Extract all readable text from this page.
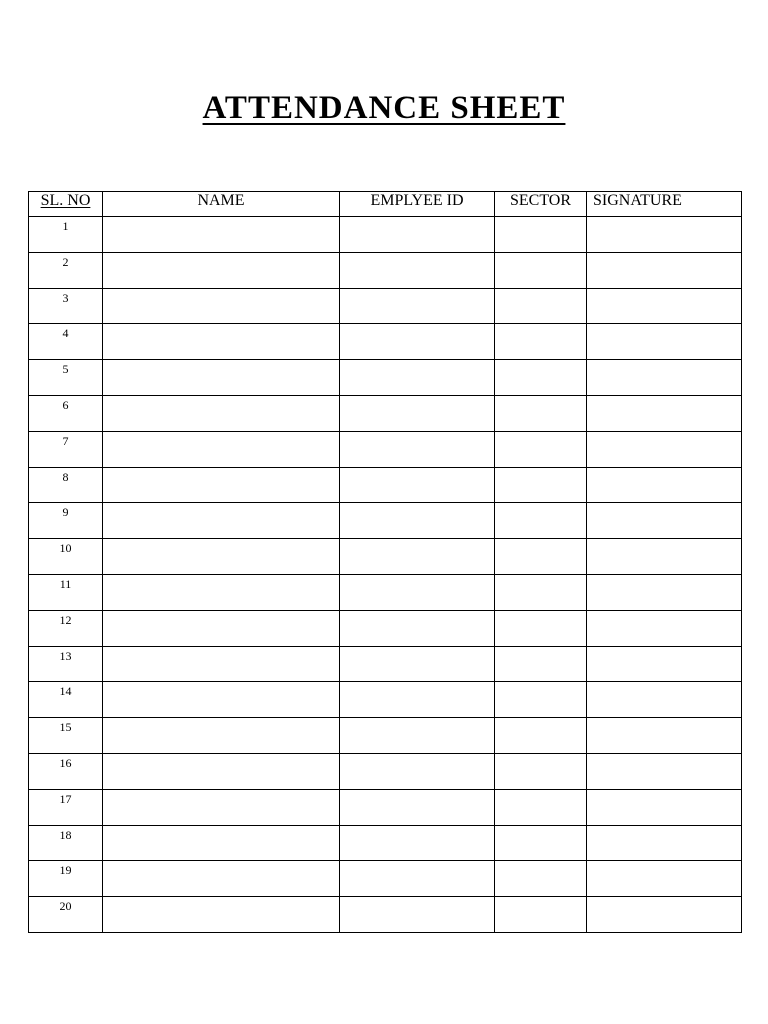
ATTENDANCE SHEET
SL. NO	NAME	EMPLYEE ID	SECTOR	SIGNATURE
1				
2				
3				
4				
5				
6				
7				
8				
9				
10				
11				
12				
13				
14				
15				
16				
17				
18				
19				
20				
